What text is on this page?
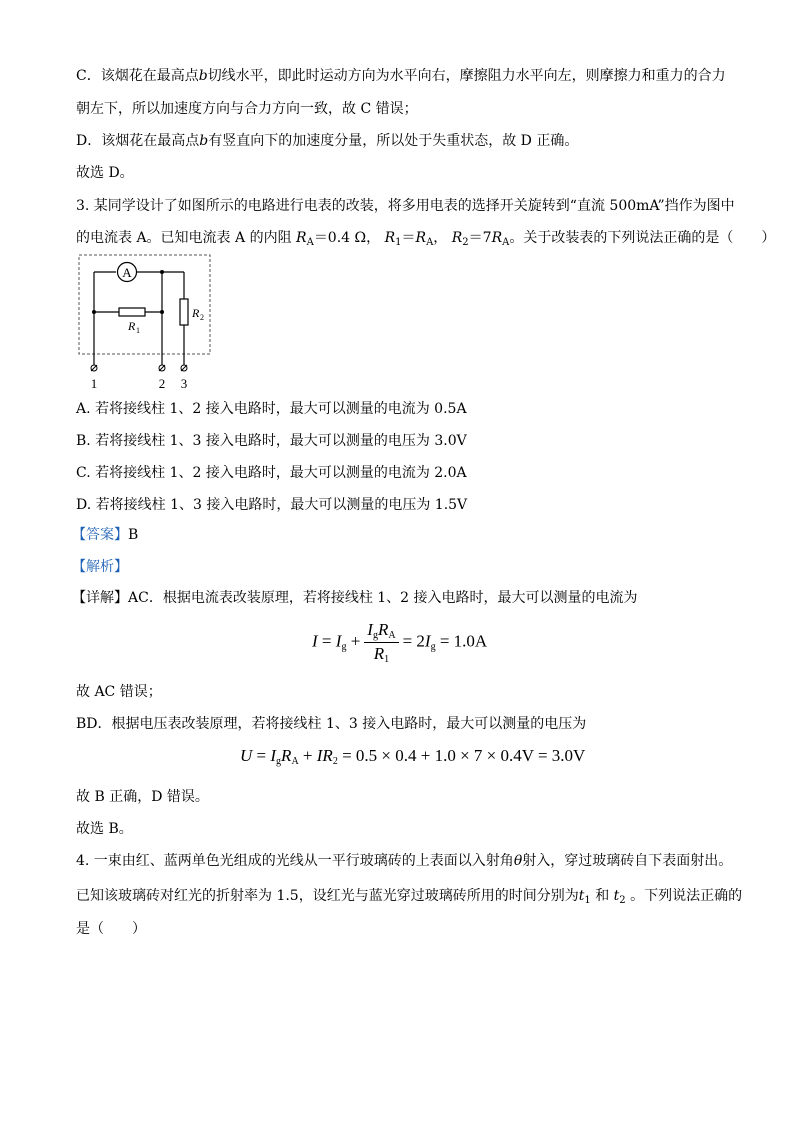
C．该烟花在最高点b切线水平，即此时运动方向为水平向右，摩擦阻力水平向左，则摩擦力和重力的合力
朝左下，所以加速度方向与合力方向一致，故 C 错误；
D．该烟花在最高点b有竖直向下的加速度分量，所以处于失重状态，故 D 正确。
故选 D。
3. 某同学设计了如图所示的电路进行电表的改装，将多用电表的选择开关旋转到“直流 500mA”挡作为图中
的电流表 A。已知电流表 A 的内阻 $R_A=0.4$ Ω， $R_1=R_A$， $R_2=7R_A$。关于改装表的下列说法正确的是（　　）
A
R 1
R 2
1	2 3
A. 若将接线柱 1、2 接入电路时，最大可以测量的电流为 0.5A
B. 若将接线柱 1、3 接入电路时，最大可以测量的电压为 3.0V
C. 若将接线柱 1、2 接入电路时，最大可以测量的电流为 2.0A
D. 若将接线柱 1、3 接入电路时，最大可以测量的电压为 1.5V
【答案】B
【解析】
【详解】AC．根据电流表改装原理，若将接线柱 1、2 接入电路时，最大可以测量的电流为
$I = I_g + \frac{I_gR_A}{R_1} = 2I_g = 1.0A$
故 AC 错误；
BD．根据电压表改装原理，若将接线柱 1、3 接入电路时，最大可以测量的电压为
$U = I_gR_A + IR_2 = 0.5 \times 0.4 + 1.0 \times 7 \times 0.4V = 3.0V$
故 B 正确，D 错误。
故选 B。
4. 一束由红、蓝两单色光组成的光线从一平行玻璃砖的上表面以入射角θ射入，穿过玻璃砖自下表面射出。
已知该玻璃砖对红光的折射率为 1.5，设红光与蓝光穿过玻璃砖所用的时间分别为$t_1$ 和 $t_2$ 。下列说法正确的
是（　　）
